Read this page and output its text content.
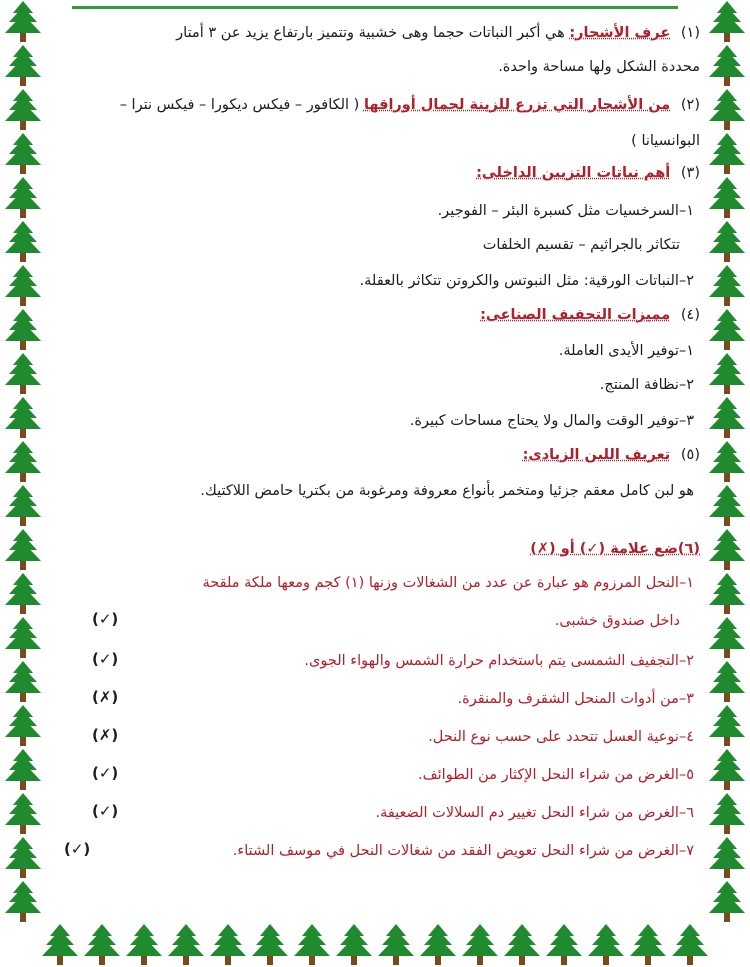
(١) عرف الأشجار: هي أكبر النباتات حجما وهى خشبية وتتميز بارتفاع يزيد عن ٣ أمتار
محددة الشكل ولها مساحة واحدة.
(٢) من الأشجار التي تزرع للزينة لجمال أوراقها ( الكافور – فيكس ديكورا – فيكس نترا –
البوانسيانا )
(٣) أهم نباتات التزيين الداخلى:
١–السرخسيات مثل كسبرة البئر – الفوجير.
تتكاثر بالجراثيم – تقسيم الخلفات
٢–النباتات الورقية: مثل النبوتس والكروتن تتكاثر بالعقلة.
(٤) مميزات التجفيف الصناعى:
١–توفير الأيدى العاملة.
٢–نظافة المنتج.
٣–توفير الوقت والمال ولا يحتاج مساحات كبيرة.
(٥) تعريف اللبن الزبادى:
هو لبن كامل معقم جزئيا ومتخمر بأنواع معروفة ومرغوبة من بكتريا حامض اللاكتيك.
(٦)ضع علامة (✓) أو (✗)
١–النحل المرزوم هو عبارة عن عدد من الشغالات وزنها (١) كجم ومعها ملكة ملقحة
داخل صندوق خشبى.
(✓)
٢–التجفيف الشمسى يتم باستخدام حرارة الشمس والهواء الجوى.
(✓)
٣–من أدوات المنحل الشقرف والمنقرة.
(✗)
٤–نوعية العسل تتحدد على حسب نوع النحل.
(✗)
٥–الغرض من شراء النحل الإكثار من الطوائف.
(✓)
٦–الغرض من شراء النحل تغيير دم السلالات الضعيفة.
(✓)
٧–الغرض من شراء النحل تعويض الفقد من شغالات النحل في موسف الشتاء.
(✓)
